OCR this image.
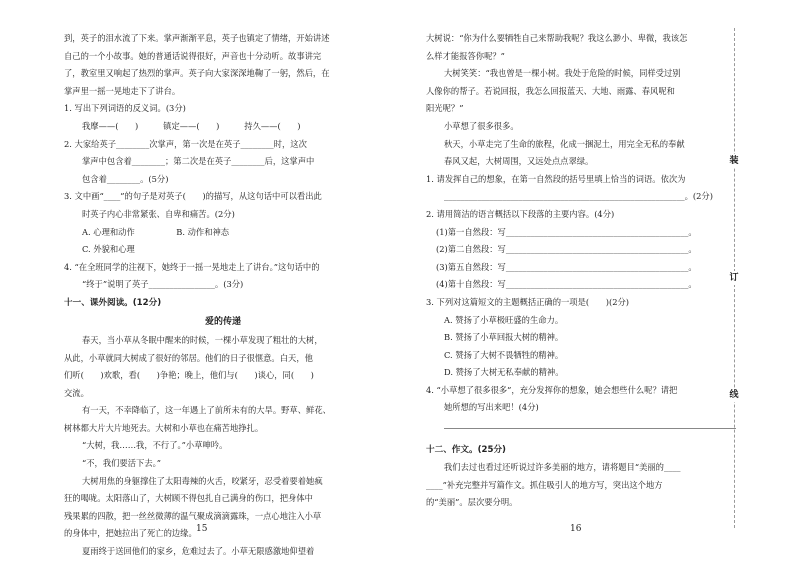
到，英子的泪水流了下来。掌声渐渐平息，英子也镇定了情绪，开始讲述
自己的一个小故事。她的普通话说得很好，声音也十分动听。故事讲完
了，教室里又响起了热烈的掌声。英子向大家深深地鞠了一躬，然后，在
掌声里一摇一晃地走下了讲台。
1. 写出下列词语的反义词。(3分)
我摩——(　　)　　　镇定——(　　)　　　持久——(　　)
2. 大家给英子________次掌声，第一次是在英子________时，这次
掌声中包含着________；第二次是在英子________后，这掌声中
包含着________。(5分)
3. 文中画“____”的句子是对英子(　　)的描写，从这句话中可以看出此
时英子内心非常紧张、自卑和痛苦。(2分)
A. 心理和动作　　　　　B. 动作和神态
C. 外貌和心理
4. “在全班同学的注视下，她终于一摇一晃地走上了讲台。”这句话中的
“终于”说明了英子________________。(3分)
十一、课外阅读。(12分)
爱的传递
春天，当小草从冬眠中醒来的时候，一棵小草发现了粗壮的大树，
从此，小草就同大树成了很好的邻居。他们的日子很惬意。白天，他
们听(　　)欢歌，看(　　)争艳；晚上，他们与(　　)谈心，同(　　)
交流。
有一天，不幸降临了，这一年遇上了前所未有的大旱。野草、鲜花、
树林都大片大片地死去。大树和小草也在痛苦地挣扎。
“大树，我……我，不行了。”小草呻吟。
“不，我们要活下去。”
大树用焦的身躯撑住了太阳毒辣的火舌，咬紧牙，忍受着要着她疯
狂的喝咙。太阳落山了，大树顾不得包扎自己满身的伤口，把身体中
残果累的四散，把一丝丝微薄的温气聚成滴滴露珠，一点心地注入小草
的身体中，把她拉出了死亡的边缘。
夏雨终于送回他们的家乡，危难过去了。小草无限感激地仰望着
15
大树说：“你为什么要牺牲自己来帮助我呢？我这么渺小、卑微，我该怎
么样才能报答你呢？”
大树笑笑：“我也曾是一棵小树。我处于危险的时候，同样受过别
人像你的帮子。若说回报，我怎么回报蓝天、大地、雨露、春风呢和
阳光呢？”
小草想了很多很多。
秋天，小草走完了生命的旅程，化成一捆泥土，用完全无私的奉献
春风又起，大树周围，又远处点点翠绿。
1. 请发挥自己的想象，在第一自然段的括号里填上恰当的词语。依次为
__________________________________________________________。(2分)
2. 请用简洁的语言概括以下段落的主要内容。(4分)
(1)第一自然段：写____________________________________________。
(2)第二自然段：写____________________________________________。
(3)第五自然段：写____________________________________________。
(4)第十自然段：写____________________________________________。
3. 下列对这篇短文的主题概括正确的一项是(　　)(2分)
A. 赞扬了小草极旺盛的生命力。
B. 赞扬了小草回报大树的精神。
C. 赞扬了大树不畏牺牲的精神。
D. 赞扬了大树无私奉献的精神。
4. “小草想了很多很多”，充分发挥你的想象，她会想些什么呢？请把
她所想的写出来吧！(4分)
十二、作文。(25分)
我们去过也看过还听说过许多美丽的地方，请将题目“美丽的____
____”补充完整并写篇作文。抓住吸引人的地方写，突出这个地方
的“美丽”。层次要分明。
16
装
订
线
